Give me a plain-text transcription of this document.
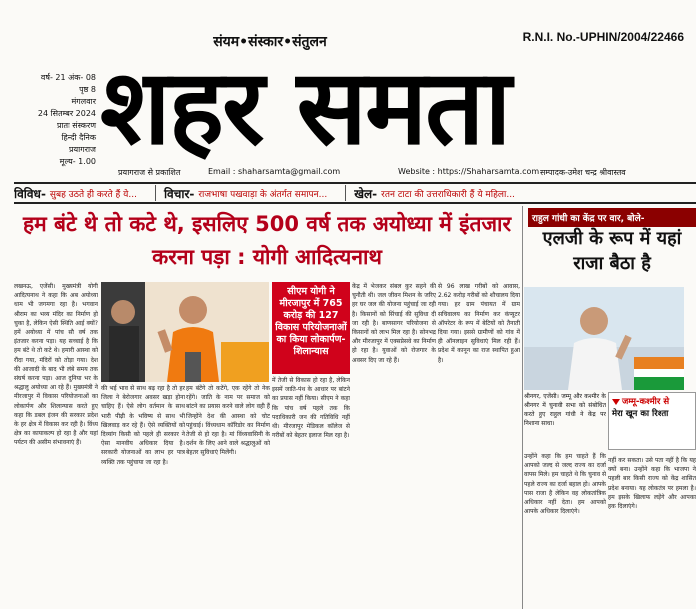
संयम•संस्कार•संतुलन	R.N.I. No.-UPHIN/2004/22466
वर्ष- 21 अंक- 08
पृष्ठ 8
मंगलवार
24 सितम्बर 2024
प्रातः संस्करण
हिन्दी दैनिक
प्रयागराज
मूल्य- 1.00 शहर समता
प्रयागराज से प्रकाशित	Email : shaharsamta@gmail.com	Website : https://Shaharsamta.com सम्पादक-उमेश चन्द्र श्रीवास्तव
विविध- सुबह उठते ही करते हैं ये... विचार- राजभाषा पखवाड़ा के अंतर्गत समापन... खेल- रतन टाटा की उत्तराधिकारी हैं ये महिला...
हम बंटे थे तो कटे थे, इसलिए 500 वर्ष तक अयोध्या में इंतजार करना पड़ा : योगी आदित्यनाथ
राहुल गांधी का केंद्र पर वार, बोले-
एलजी के रूप में यहां राजा बैठा है
सीएम योगी ने मीरजापुर में 765 करोड़ की 127 विकास परियोजनाओं का किया लोकार्पण-शिलान्यास
लखनऊ, एजेंसी। मुख्यमंत्री योगी आदित्यनाथ ने कहा कि अब अयोध्या धाम भी जगमगा रहा है। भगवान श्रीराम का भव्य मंदिर का निर्माण हो चुका है, लेकिन ऐसी स्थिति आई क्यों? हमें अयोध्या में पांच सौ वर्ष तक इंतजार करना पड़ा। यह सच्चाई है कि हम बंटे थे तो कटे थे। हमारी आस्था को रौंदा गया, मंदिरों को तोड़ा गया। देश की आजादी के बाद भी लंबे समय तक संघर्ष करना पड़ा। आज दुनिया भर के श्रद्धालु अयोध्या आ रहे हैं। मुख्यमंत्री ने मीरजापुर में विकास परियोजनाओं का लोकार्पण और शिलान्यास करते हुए कहा कि डबल इंजन की सरकार प्रदेश के हर क्षेत्र में विकास कर रही है। विंध्य क्षेत्र का कायाकल्प हो रहा है और यहां पर्यटन की असीम संभावनाएं हैं।
की भई भाव से साथ बढ़ रहा है तो हर जिला ने बेरोजगार अवसर खड़ा होना चाहिए हैं। ऐसे लोग वर्तमान के साथ भारी पीढ़ी के भविष्य से साथ भी खिलवाड़ कर रहे हैं। ऐसे व्यक्तियों को दिव्यांग किसी को पहले ही सरकार ने ऐसा मानवीय अधिकार दिया है। सरकारी योजनाओं का लाभ हर पात्र व्यक्ति तक पहुंचाया जा रहा है।
हम बंटेंगे तो कटेंगे, एक रहेंगे तो नेक रहेंगे। जाति के नाम पर समाज को बांटने का प्रयास करने वाले लोग वही हैं जिन्होंने देश की आस्था को चोट पहुंचाई। विंध्यधाम कॉरिडोर का निर्माण तेजी से हो रहा है। मां विंध्यवासिनी के दर्शन के लिए आने वाले श्रद्धालुओं को बेहतर सुविधाएं मिलेंगी।
में तेजी से विकास हो रहा है, लेकिन इसमें जाति-पंथ के आधार पर बांटने का प्रयास नहीं किया। सीएम ने कहा कि पांच वर्ष पहले तक कि पदाधिकारी जन की गतिविधि नहीं थी। मीरजापुर मेडिकल कॉलेज से गरीबों को बेहतर इलाज मिल रहा है।
केंद्र में भेजकर संबल कुर सहने की चुनौती थी। जल जीवन मिशन के जरिए हर घर जल की योजना पहुंचाई जा रही है। किसानों को सिंचाई की सुविधा दी जा रही है। बाणसागर परियोजना से किसानों को लाभ मिल रहा है। सोनभद्र और मीरजापुर में एक्सप्रेसवे का निर्माण हो रहा है। युवाओं को रोजगार के अवसर दिए जा रहे हैं।
से 96 लाख गरीबों को आवास, 2.62 करोड़ गरीबों को शौचालय दिया गया। हर ग्राम पंचायत में ग्राम सचिवालय का निर्माण कर कंप्यूटर ऑपरेटर के रूप में बेटियों को तैनाती दिया गया। इससे ग्रामीणों को गांव में ही ऑनलाइन सुविधाएं मिल रही हैं। प्रदेश में कानून का राज स्थापित हुआ है।
श्रीनगर, एजेंसी। जम्मू और कश्मीर के श्रीनगर में चुनावी सभा को संबोधित करते हुए राहुल गांधी ने केंद्र पर निशाना साधा।
उन्होंने कहा कि हम चाहते हैं कि आपको जल्द से जल्द राज्य का दर्जा वापस मिले। हम चाहते थे कि चुनाव से पहले राज्य का दर्जा बहाल हो। आपके पास राजा है लेकिन वह लोकतांत्रिक अधिकार नहीं देता। हम आपको आपके अधिकार दिलाएंगे।
जम्मू-कश्मीर से
मेरा खून का रिश्ता
नहीं कर सकता। उसे पता नहीं है कि यह क्यों बना। उन्होंने कहा कि भाजपा ने पहली बार किसी राज्य को केंद्र शासित प्रदेश बनाया। यह लोकतंत्र पर हमला है। हम इसके खिलाफ लड़ेंगे और आपका हक दिलाएंगे।
